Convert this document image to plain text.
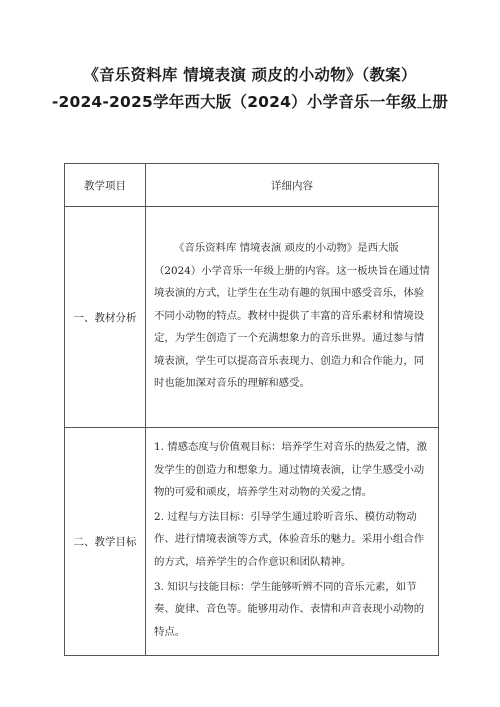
《音乐资料库 情境表演 顽皮的小动物》（教案）
-2024-2025学年西大版（2024）小学音乐一年级上册
教学项目	详细内容
一、教材分析	《音乐资料库 情境表演 顽皮的小动物》是西大版（2024）小学音乐一年级上册的内容。这一板块旨在通过情境表演的方式，让学生在生动有趣的氛围中感受音乐，体验不同小动物的特点。教材中提供了丰富的音乐素材和情境设定，为学生创造了一个充满想象力的音乐世界。通过参与情境表演，学生可以提高音乐表现力、创造力和合作能力，同时也能加深对音乐的理解和感受。

二、教学目标	1. 情感态度与价值观目标：培养学生对音乐的热爱之情，激发学生的创造力和想象力。通过情境表演，让学生感受小动物的可爱和顽皮，培养学生对动物的关爱之情。

2. 过程与方法目标：引导学生通过聆听音乐、模仿动物动作、进行情境表演等方式，体验音乐的魅力。采用小组合作的方式，培养学生的合作意识和团队精神。

3. 知识与技能目标：学生能够听辨不同的音乐元素，如节奏、旋律、音色等。能够用动作、表情和声音表现小动物的特点。
